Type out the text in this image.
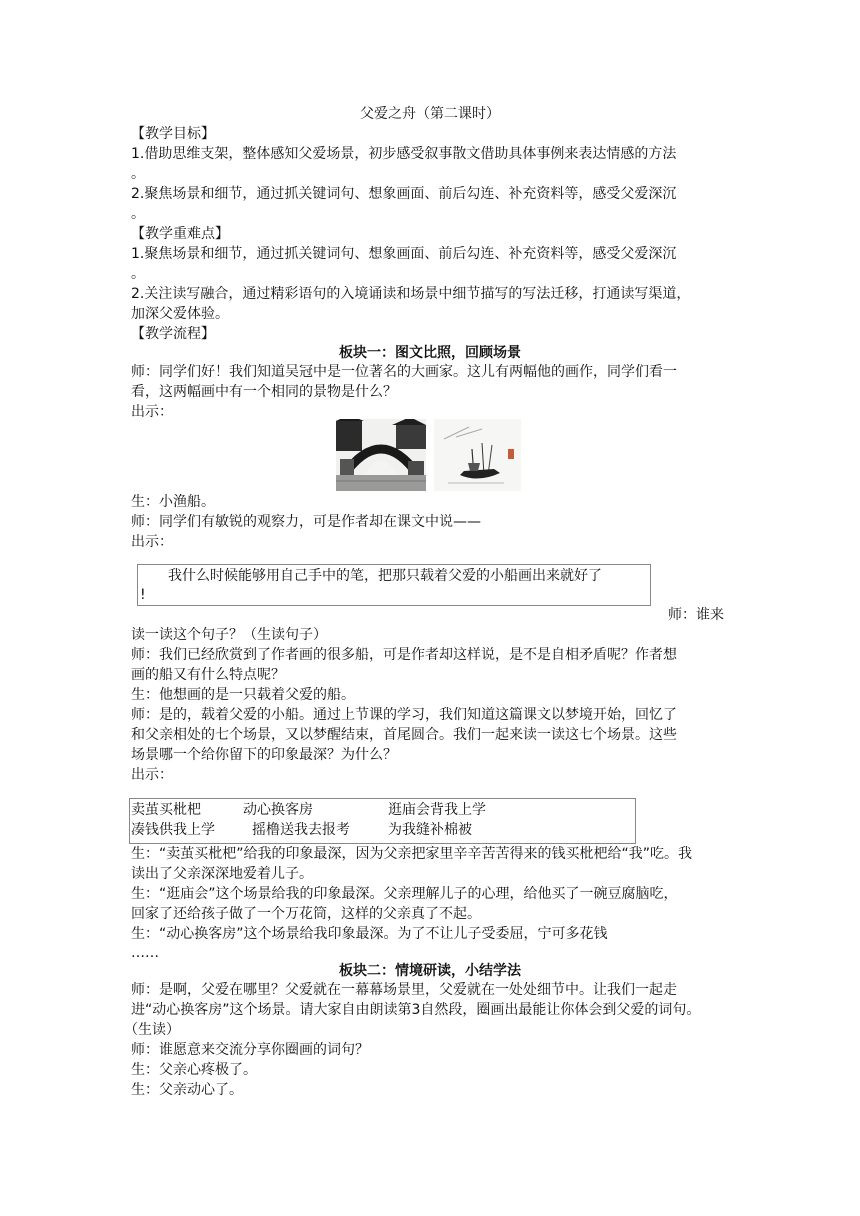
父爱之舟（第二课时）
【教学目标】
1.借助思维支架，整体感知父爱场景，初步感受叙事散文借助具体事例来表达情感的方法
。
2.聚焦场景和细节，通过抓关键词句、想象画面、前后勾连、补充资料等，感受父爱深沉
。
【教学重难点】
1.聚焦场景和细节，通过抓关键词句、想象画面、前后勾连、补充资料等，感受父爱深沉
。
2.关注读写融合，通过精彩语句的入境诵读和场景中细节描写的写法迁移，打通读写渠道，
加深父爱体验。
【教学流程】
板块一：图文比照，回顾场景
师：同学们好！我们知道吴冠中是一位著名的大画家。这儿有两幅他的画作，同学们看一
看，这两幅画中有一个相同的景物是什么？
出示：
生：小渔船。
师：同学们有敏锐的观察力，可是作者却在课文中说——
出示：
我什么时候能够用自己手中的笔，把那只载着父爱的小船画出来就好了
!
师：谁来
读一读这个句子？（生读句子）
师：我们已经欣赏到了作者画的很多船，可是作者却这样说，是不是自相矛盾呢？作者想
画的船又有什么特点呢？
生：他想画的是一只载着父爱的船。
师：是的，载着父爱的小船。通过上节课的学习，我们知道这篇课文以梦境开始，回忆了
和父亲相处的七个场景，又以梦醒结束，首尾圆合。我们一起来读一读这七个场景。这些
场景哪一个给你留下的印象最深？为什么？
出示：
卖茧买枇杷	动心换客房	逛庙会背我上学
凑钱供我上学	摇橹送我去报考	为我缝补棉被
生：“卖茧买枇杷”给我的印象最深，因为父亲把家里辛辛苦苦得来的钱买枇杷给“我”吃。我
读出了父亲深深地爱着儿子。
生：“逛庙会”这个场景给我的印象最深。父亲理解儿子的心理，给他买了一碗豆腐脑吃，
回家了还给孩子做了一个万花筒，这样的父亲真了不起。
生：“动心换客房”这个场景给我印象最深。为了不让儿子受委屈，宁可多花钱
……
板块二：情境研读，小结学法
师：是啊，父爱在哪里？父爱就在一幕幕场景里，父爱就在一处处细节中。让我们一起走
进“动心换客房”这个场景。请大家自由朗读第3自然段，圈画出最能让你体会到父爱的词句。
（生读）
师：谁愿意来交流分享你圈画的词句？
生：父亲心疼极了。
生：父亲动心了。
